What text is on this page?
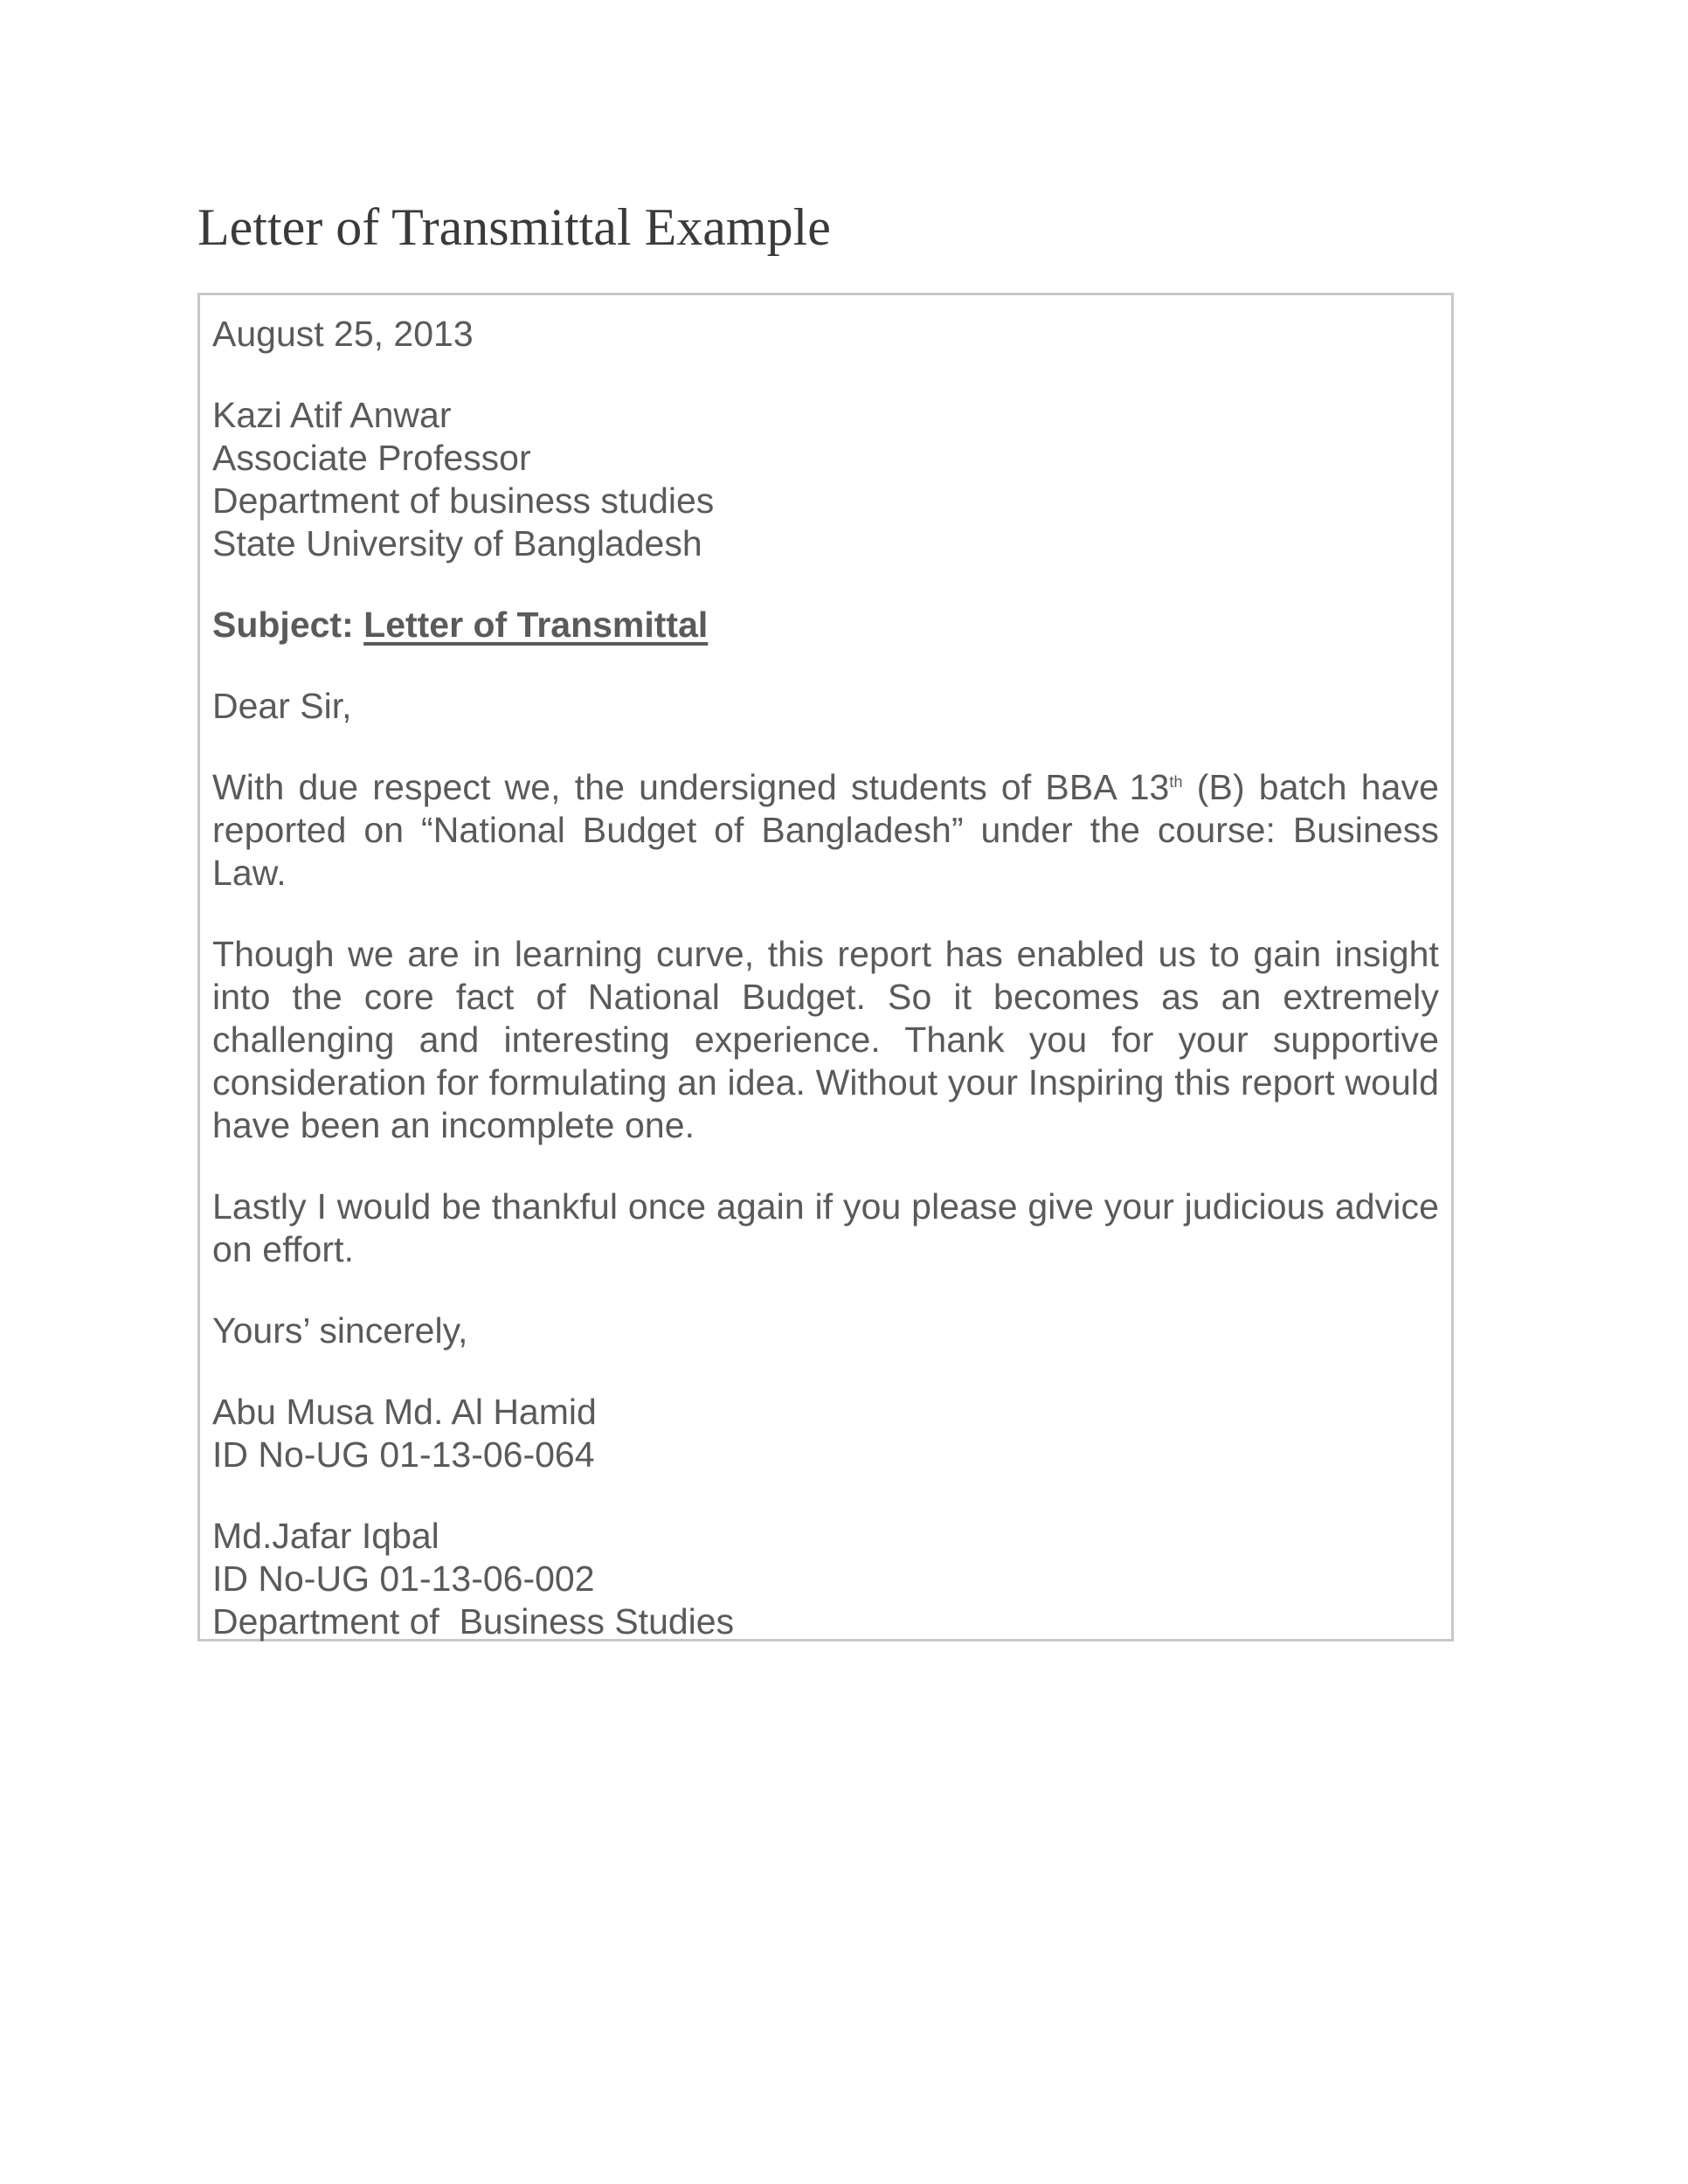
Letter of Transmittal Example

August 25, 2013

Kazi Atif Anwar
Associate Professor
Department of business studies
State University of Bangladesh

Subject: Letter of Transmittal

Dear Sir,

With due respect we, the undersigned students of BBA 13th (B) batch have reported on “National Budget of Bangladesh” under the course: Business Law.

Though we are in learning curve, this report has enabled us to gain insight into the core fact of National Budget. So it becomes as an extremely challenging and interesting experience. Thank you for your supportive consideration for formulating an idea. Without your Inspiring this report would have been an incomplete one.

Lastly I would be thankful once again if you please give your judicious advice on effort.

Yours’ sincerely,

Abu Musa Md. Al Hamid
ID No-UG 01-13-06-064

Md.Jafar Iqbal
ID No-UG 01-13-06-002
Department of  Business Studies
